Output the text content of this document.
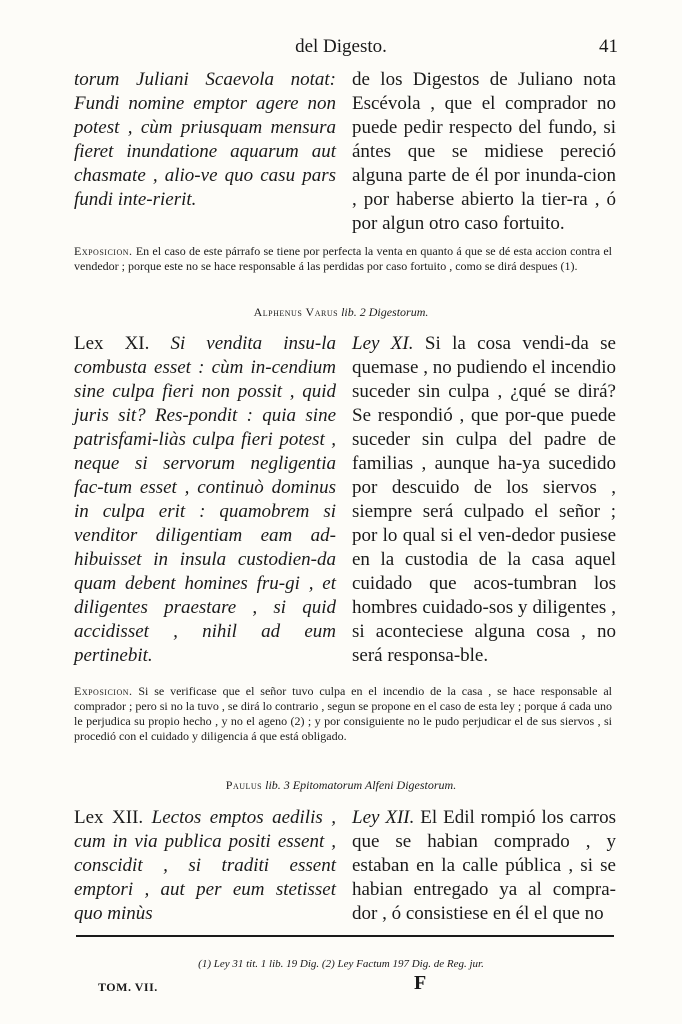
del Digesto.	41

torum Juliani Scaevola notat: Fundi nomine emptor agere non potest , cùm priusquam mensura fieret inundatione aquarum aut chasmate , alio-ve quo casu pars fundi inte-rierit.

de los Digestos de Juliano nota Escévola , que el comprador no puede pedir respecto del fundo, si ántes que se midiese pereció alguna parte de él por inunda-cion , por haberse abierto la tier-ra , ó por algun otro caso fortuito.

Exposicion. En el caso de este párrafo se tiene por perfecta la venta en quanto á que se dé esta accion contra el vendedor ; porque este no se hace responsable á las perdidas por caso fortuito , como se dirá despues (1).
Alphenus Varus lib. 2 Digestorum.

Lex XI. Si vendita insu-la combusta esset : cùm in-cendium sine culpa fieri non possit , quid juris sit? Res-pondit : quia sine patrisfami-liàs culpa fieri potest , neque si servorum negligentia fac-tum esset , continuò dominus in culpa erit : quamobrem si venditor diligentiam eam ad-hibuisset in insula custodien-da quam debent homines fru-gi , et diligentes praestare , si quid accidisset , nihil ad eum pertinebit.

Ley XI. Si la cosa vendi-da se quemase , no pudiendo el incendio suceder sin culpa , ¿qué se dirá? Se respondió , que por-que puede suceder sin culpa del padre de familias , aunque ha-ya sucedido por descuido de los siervos , siempre será culpado el señor ; por lo qual si el ven-dedor pusiese en la custodia de la casa aquel cuidado que acos-tumbran los hombres cuidado-sos y diligentes , si aconteciese alguna cosa , no será responsa-ble.

Exposicion. Si se verificase que el señor tuvo culpa en el incendio de la casa , se hace responsable al comprador ; pero si no la tuvo , se dirá lo contrario , segun se propone en el caso de esta ley ; porque á cada uno le perjudica su propio hecho , y no el ageno (2) ; y por consiguiente no le pudo perjudicar el de sus siervos , si procedió con el cuidado y diligencia á que está obligado.
Paulus lib. 3 Epitomatorum Alfeni Digestorum.

Lex XII. Lectos emptos aedilis , cum in via publica positi essent , conscidit , si traditi essent emptori , aut per eum stetisset quo minùs

Ley XII. El Edil rompió los carros que se habian comprado , y estaban en la calle pública , si se habian entregado ya al compra-dor , ó consistiese en él el que no

(1) Ley 31 tit. 1 lib. 19 Dig. (2) Ley Factum 197 Dig. de Reg. jur.
TOM. VII.	F
